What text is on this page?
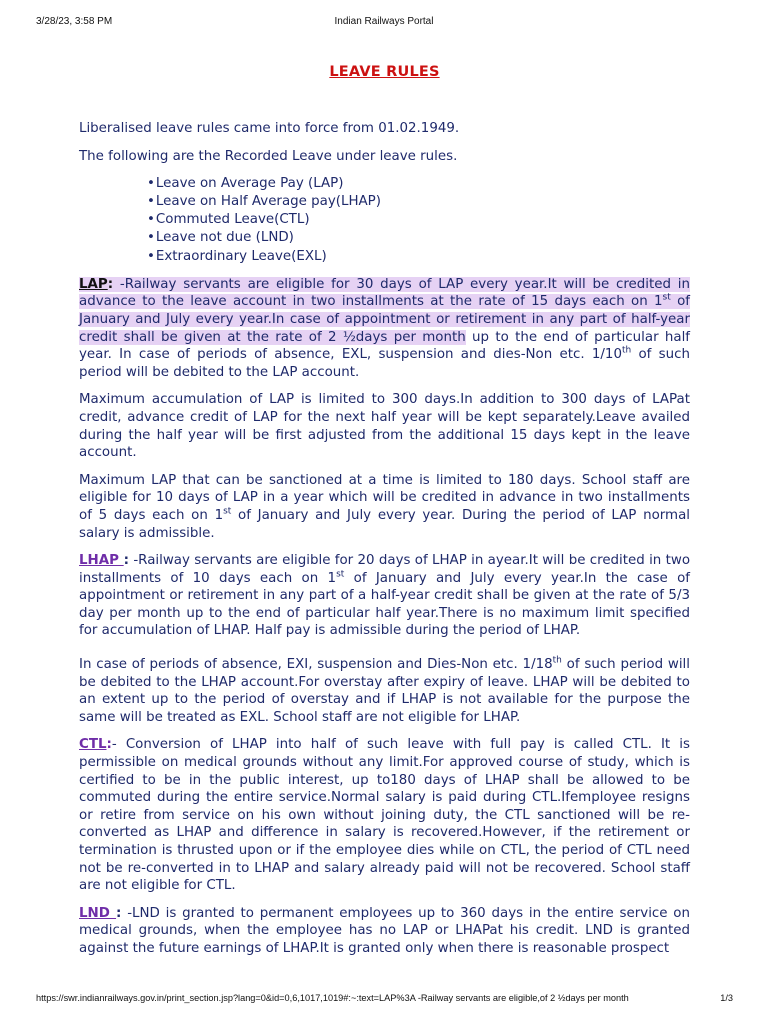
3/28/23, 3:58 PM	Indian Railways Portal
LEAVE RULES

Liberalised leave rules came into force from 01.02.1949.

The following are the Recorded Leave under leave rules.

•Leave on Average Pay (LAP)
•Leave on Half Average pay(LHAP)
•Commuted Leave(CTL)
•Leave not due (LND)
•Extraordinary Leave(EXL)

LAP: -Railway servants are eligible for 30 days of LAP every year.It will be credited in advance to the leave account in two installments at the rate of 15 days each on 1st of January and July every year.In case of appointment or retirement in any part of half-year credit shall be given at the rate of 2 ½days per month up to the end of particular half year. In case of periods of absence, EXL, suspension and dies-Non etc. 1/10th of such period will be debited to the LAP account.

Maximum accumulation of LAP is limited to 300 days.In addition to 300 days of LAPat credit, advance credit of LAP for the next half year will be kept separately.Leave availed during the half year will be first adjusted from the additional 15 days kept in the leave account.

Maximum LAP that can be sanctioned at a time is limited to 180 days. School staff are eligible for 10 days of LAP in a year which will be credited in advance in two installments of 5 days each on 1st of January and July every year. During the period of LAP normal salary is admissible.

LHAP : -Railway servants are eligible for 20 days of LHAP in ayear.It will be credited in two installments of 10 days each on 1st of January and July every year.In the case of appointment or retirement in any part of a half-year credit shall be given at the rate of 5/3 day per month up to the end of particular half year.There is no maximum limit specified for accumulation of LHAP. Half pay is admissible during the period of LHAP.

In case of periods of absence, EXI, suspension and Dies-Non etc. 1/18th of such period will be debited to the LHAP account.For overstay after expiry of leave. LHAP will be debited to an extent up to the period of overstay and if LHAP is not available for the purpose the same will be treated as EXL. School staff are not eligible for LHAP.

CTL:- Conversion of LHAP into half of such leave with full pay is called CTL. It is permissible on medical grounds without any limit.For approved course of study, which is certified to be in the public interest, up to180 days of LHAP shall be allowed to be commuted during the entire service.Normal salary is paid during CTL.Ifemployee resigns or retire from service on his own without joining duty, the CTL sanctioned will be re-converted as LHAP and difference in salary is recovered.However, if the retirement or termination is thrusted upon or if the employee dies while on CTL, the period of CTL need not be re-converted in to LHAP and salary already paid will not be recovered. School staff are not eligible for CTL.

LND : -LND is granted to permanent employees up to 360 days in the entire service on medical grounds, when the employee has no LAP or LHAPat his credit. LND is granted against the future earnings of LHAP.It is granted only when there is reasonable prospect

https://swr.indianrailways.gov.in/print_section.jsp?lang=0&id=0,6,1017,1019#:~:text=LAP%3A -Railway servants are eligible,of 2 ½days per month	1/3
